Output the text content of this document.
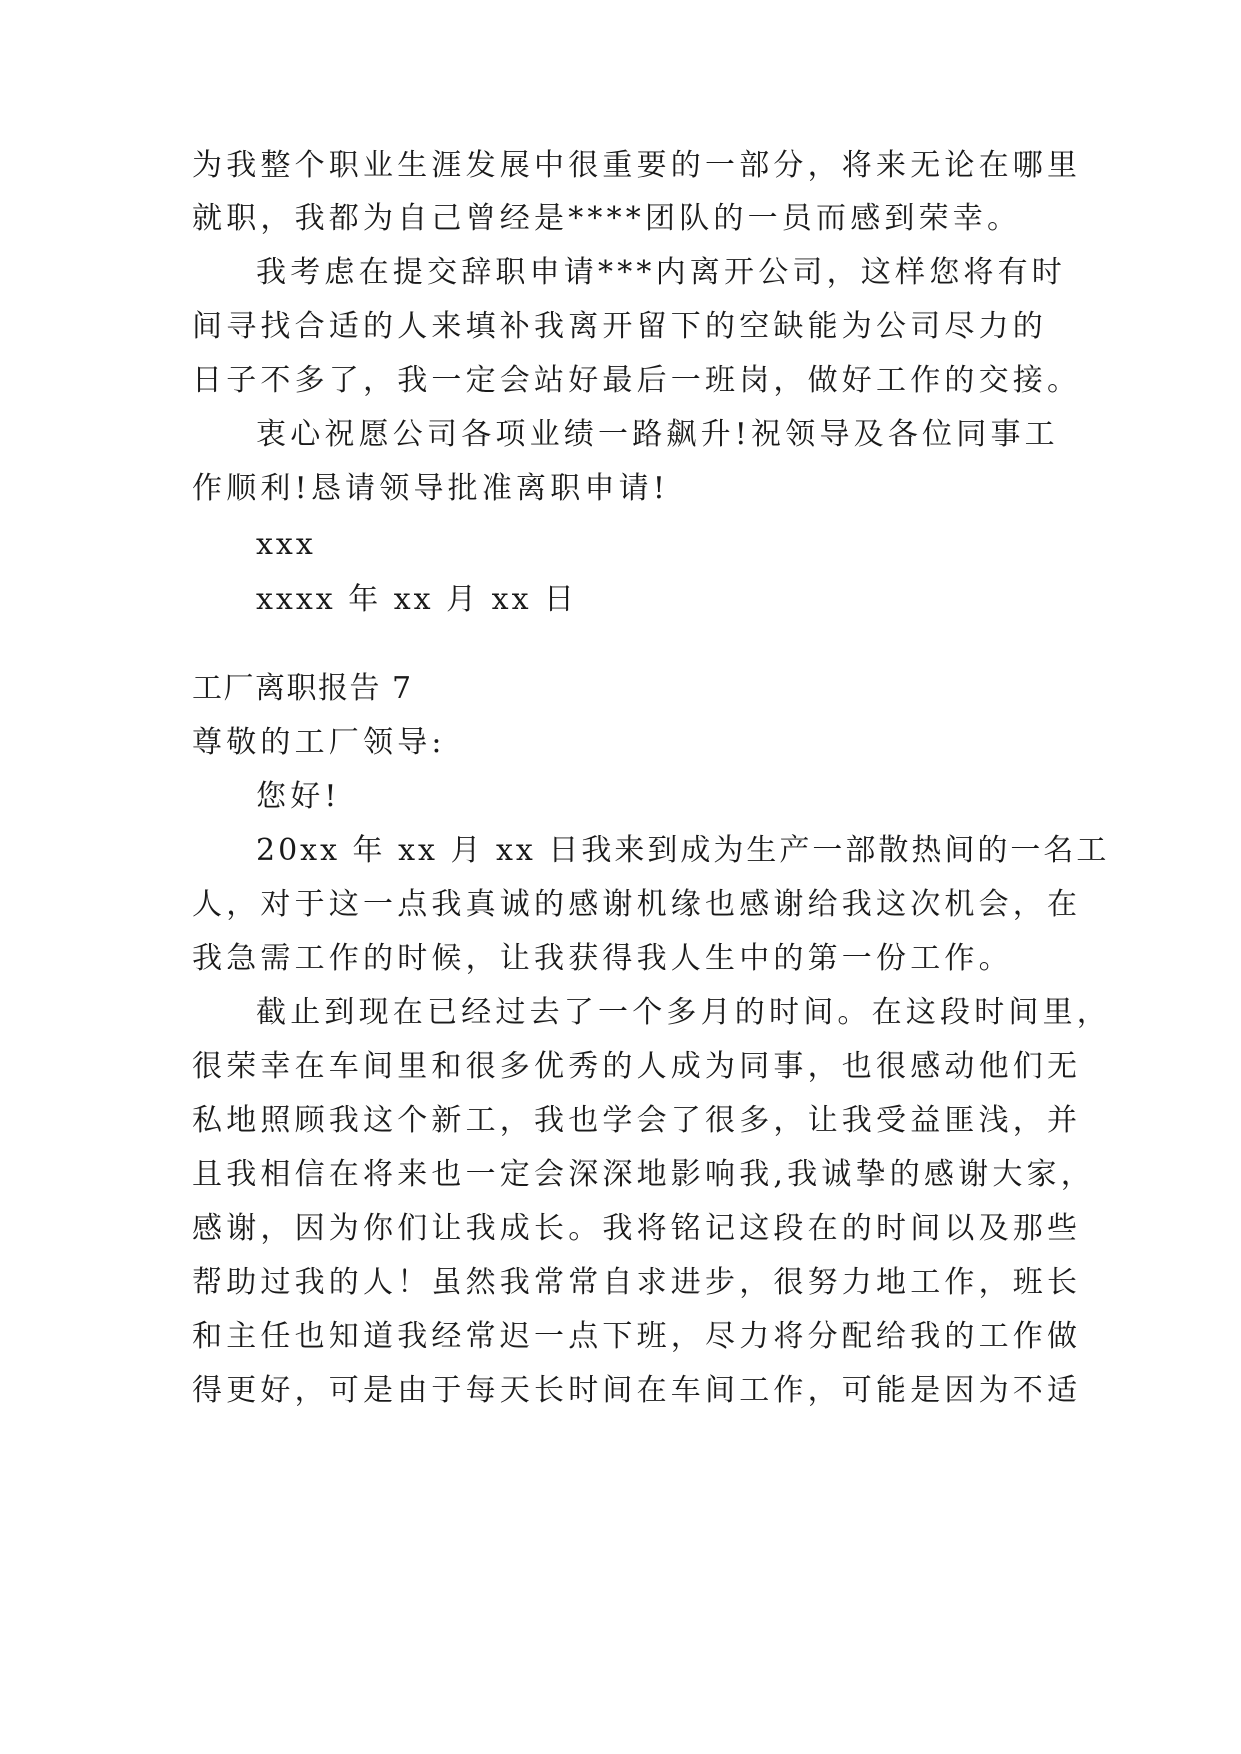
为我整个职业生涯发展中很重要的一部分，将来无论在哪里
就职，我都为自己曾经是****团队的一员而感到荣幸。
我考虑在提交辞职申请***内离开公司，这样您将有时
间寻找合适的人来填补我离开留下的空缺能为公司尽力的
日子不多了，我一定会站好最后一班岗，做好工作的交接。
衷心祝愿公司各项业绩一路飙升!祝领导及各位同事工
作顺利!恳请领导批准离职申请!
xxx
xxxx 年 xx 月 xx 日
工厂离职报告 7
尊敬的工厂领导:
您好!
20xx 年 xx 月 xx 日我来到成为生产一部散热间的一名工
人，对于这一点我真诚的感谢机缘也感谢给我这次机会，在
我急需工作的时候，让我获得我人生中的第一份工作。
截止到现在已经过去了一个多月的时间。在这段时间里，
很荣幸在车间里和很多优秀的人成为同事，也很感动他们无
私地照顾我这个新工，我也学会了很多，让我受益匪浅，并
且我相信在将来也一定会深深地影响我,我诚挚的感谢大家，
感谢，因为你们让我成长。我将铭记这段在的时间以及那些
帮助过我的人！虽然我常常自求进步，很努力地工作，班长
和主任也知道我经常迟一点下班，尽力将分配给我的工作做
得更好，可是由于每天长时间在车间工作，可能是因为不适
